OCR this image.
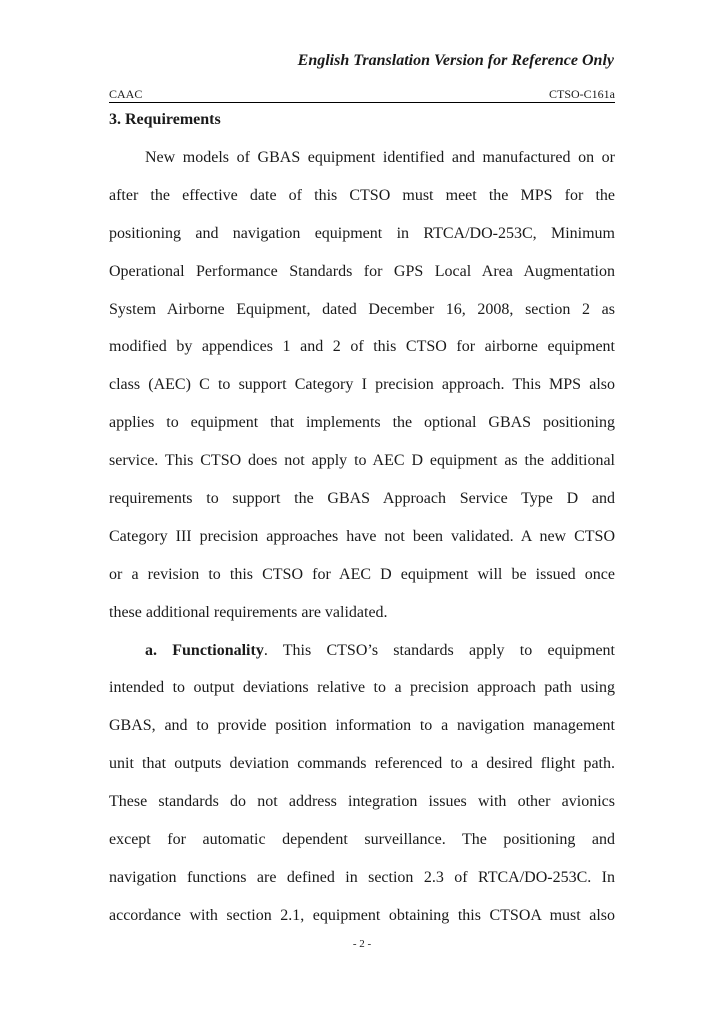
English Translation Version for Reference Only
CAAC	CTSO-C161a
3. Requirements
New models of GBAS equipment identified and manufactured on or
after the effective date of this CTSO must meet the MPS for the
positioning and navigation equipment in RTCA/DO-253C, Minimum
Operational Performance Standards for GPS Local Area Augmentation
System Airborne Equipment, dated December 16, 2008, section 2 as
modified by appendices 1 and 2 of this CTSO for airborne equipment
class (AEC) C to support Category I precision approach. This MPS also
applies to equipment that implements the optional GBAS positioning
service. This CTSO does not apply to AEC D equipment as the additional
requirements to support the GBAS Approach Service Type D and
Category III precision approaches have not been validated. A new CTSO
or a revision to this CTSO for AEC D equipment will be issued once
these additional requirements are validated.
a. Functionality. This CTSO’s standards apply to equipment
intended to output deviations relative to a precision approach path using
GBAS, and to provide position information to a navigation management
unit that outputs deviation commands referenced to a desired flight path.
These standards do not address integration issues with other avionics
except for automatic dependent surveillance. The positioning and
navigation functions are defined in section 2.3 of RTCA/DO-253C. In
accordance with section 2.1, equipment obtaining this CTSOA must also
- 2 -
